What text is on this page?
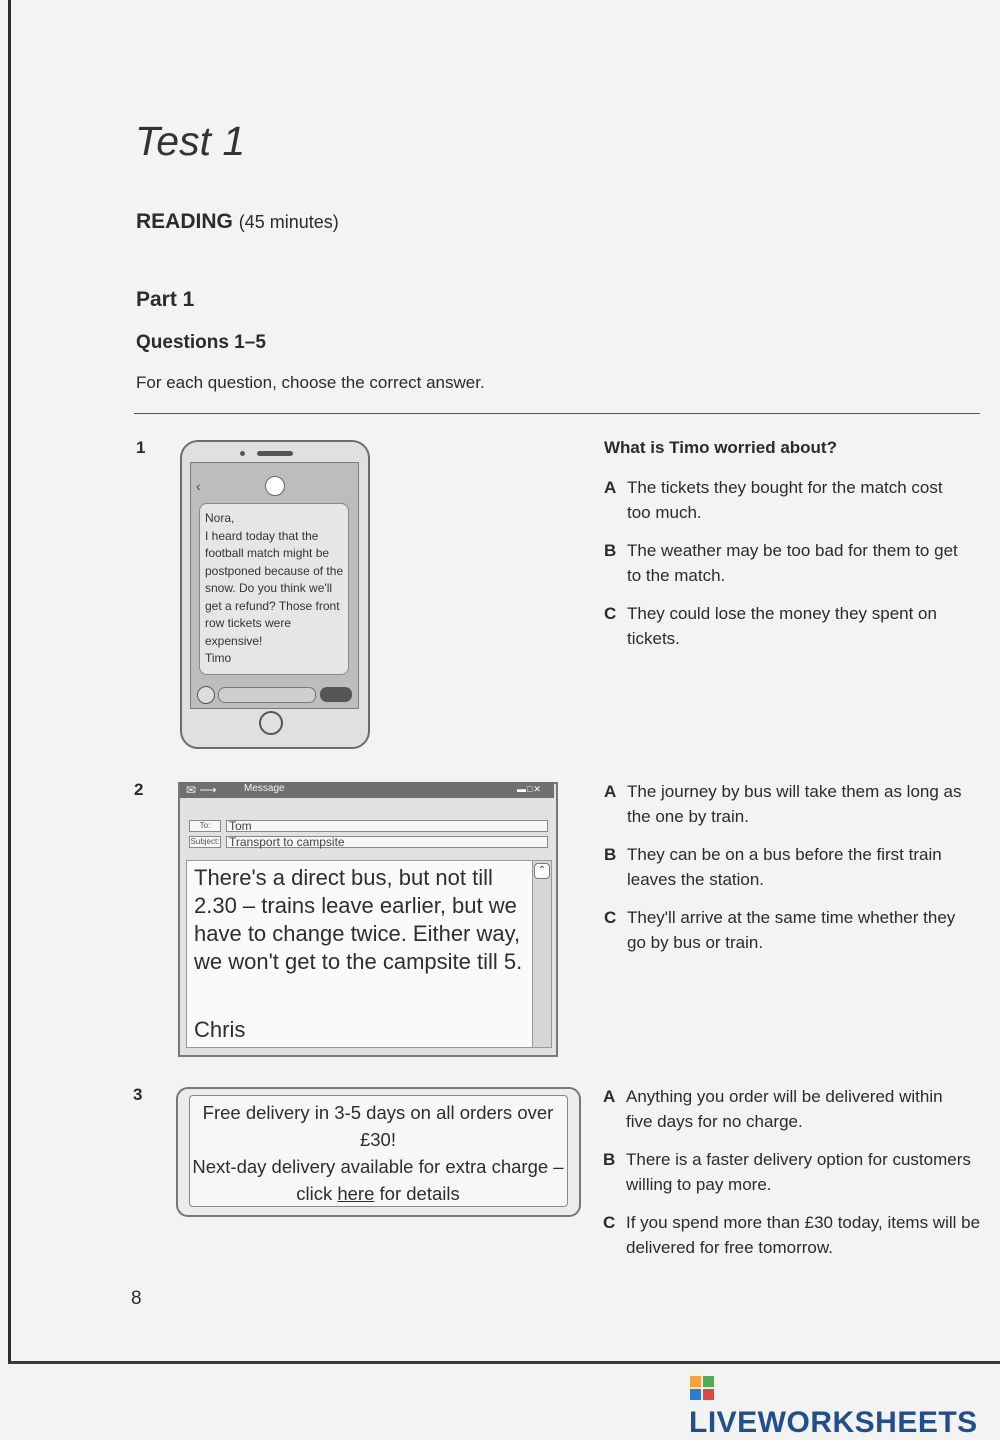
Test 1
READING (45 minutes)
Part 1
Questions 1–5
For each question, choose the correct answer.
1
‹
Nora,
I heard today that the football match might be postponed because of the snow. Do you think we'll get a refund? Those front row tickets were expensive!
Timo
What is Timo worried about?
A The tickets they bought for the match cost too much.
B The weather may be too bad for them to get to the match.
C They could lose the money they spent on tickets.
2	✉ ⟶	Message	▬□✕
To:	Tom
Subject: Transport to campsite
⌃
There's a direct bus, but not till 2.30 – trains leave earlier, but we have to change twice. Either way, we won't get to the campsite till 5.
Chris
A The journey by bus will take them as long as the one by train.
B They can be on a bus before the first train leaves the station.
C They'll arrive at the same time whether they go by bus or train.
3
Free delivery in 3-5 days on all orders over £30!
Next-day delivery available for extra charge – click here for details
A Anything you order will be delivered within five days for no charge.
B There is a faster delivery option for customers willing to pay more.
C If you spend more than £30 today, items will be delivered for free tomorrow.
8
LIVEWORKSHEETS
